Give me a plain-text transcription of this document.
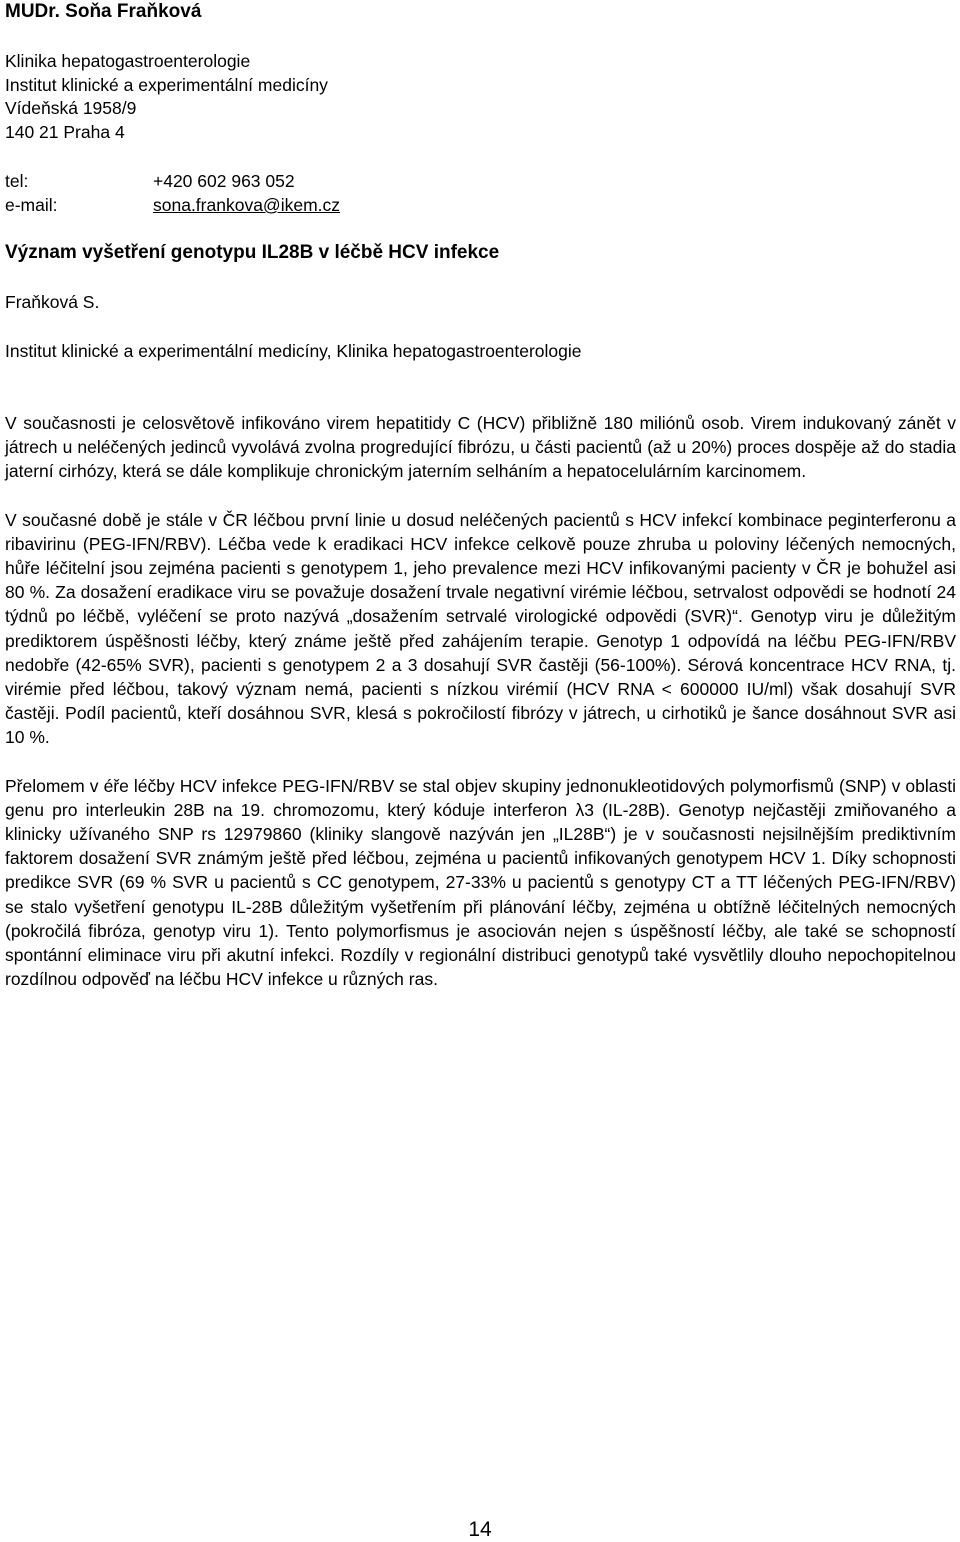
MUDr. Soňa Fraňková
Klinika hepatogastroenterologie
Institut klinické a experimentální medicíny
Vídeňská 1958/9
140 21 Praha 4
tel:	+420 602 963 052
e-mail:	sona.frankova@ikem.cz
Význam vyšetření genotypu IL28B v léčbě HCV infekce
Fraňková S.
Institut klinické a experimentální medicíny, Klinika hepatogastroenterologie

V současnosti je celosvětově infikováno virem hepatitidy C (HCV) přibližně 180 miliónů osob. Virem indukovaný zánět v játrech u neléčených jedinců vyvolává zvolna progredující fibrózu, u části pacientů (až u 20%) proces dospěje až do stadia jaterní cirhózy, která se dále komplikuje chronickým jaterním selháním a hepatocelulárním karcinomem.

V současné době je stále v ČR léčbou první linie u dosud neléčených pacientů s HCV infekcí kombinace peginterferonu a ribavirinu (PEG-IFN/RBV). Léčba vede k eradikaci HCV infekce celkově pouze zhruba u poloviny léčených nemocných, hůře léčitelní jsou zejména pacienti s genotypem 1, jeho prevalence mezi HCV infikovanými pacienty v ČR je bohužel asi 80 %. Za dosažení eradikace viru se považuje dosažení trvale negativní virémie léčbou, setrvalost odpovědi se hodnotí 24 týdnů po léčbě, vyléčení se proto nazývá „dosažením setrvalé virologické odpovědi (SVR)“. Genotyp viru je důležitým prediktorem úspěšnosti léčby, který známe ještě před zahájením terapie. Genotyp 1 odpovídá na léčbu PEG-IFN/RBV nedobře (42-65% SVR), pacienti s genotypem 2 a 3 dosahují SVR častěji (56-100%). Sérová koncentrace HCV RNA, tj. virémie před léčbou, takový význam nemá, pacienti s nízkou virémií (HCV RNA < 600000 IU/ml) však dosahují SVR častěji. Podíl pacientů, kteří dosáhnou SVR, klesá s pokročilostí fibrózy v játrech, u cirhotiků je šance dosáhnout SVR asi 10 %.

Přelomem v éře léčby HCV infekce PEG-IFN/RBV se stal objev skupiny jednonukleotidových polymorfismů (SNP) v oblasti genu pro interleukin 28B na 19. chromozomu, který kóduje interferon λ3 (IL-28B). Genotyp nejčastěji zmiňovaného a klinicky užívaného SNP rs 12979860 (kliniky slangově nazýván jen „IL28B“) je v současnosti nejsilnějším prediktivním faktorem dosažení SVR známým ještě před léčbou, zejména u pacientů infikovaných genotypem HCV 1. Díky schopnosti predikce SVR (69 % SVR u pacientů s CC genotypem, 27-33% u pacientů s genotypy CT a TT léčených PEG-IFN/RBV) se stalo vyšetření genotypu IL-28B důležitým vyšetřením při plánování léčby, zejména u obtížně léčitelných nemocných (pokročilá fibróza, genotyp viru 1). Tento polymorfismus je asociován nejen s úspěšností léčby, ale také se schopností spontánní eliminace viru při akutní infekci. Rozdíly v regionální distribuci genotypů také vysvětlily dlouho nepochopitelnou rozdílnou odpověď na léčbu HCV infekce u různých ras.

14
